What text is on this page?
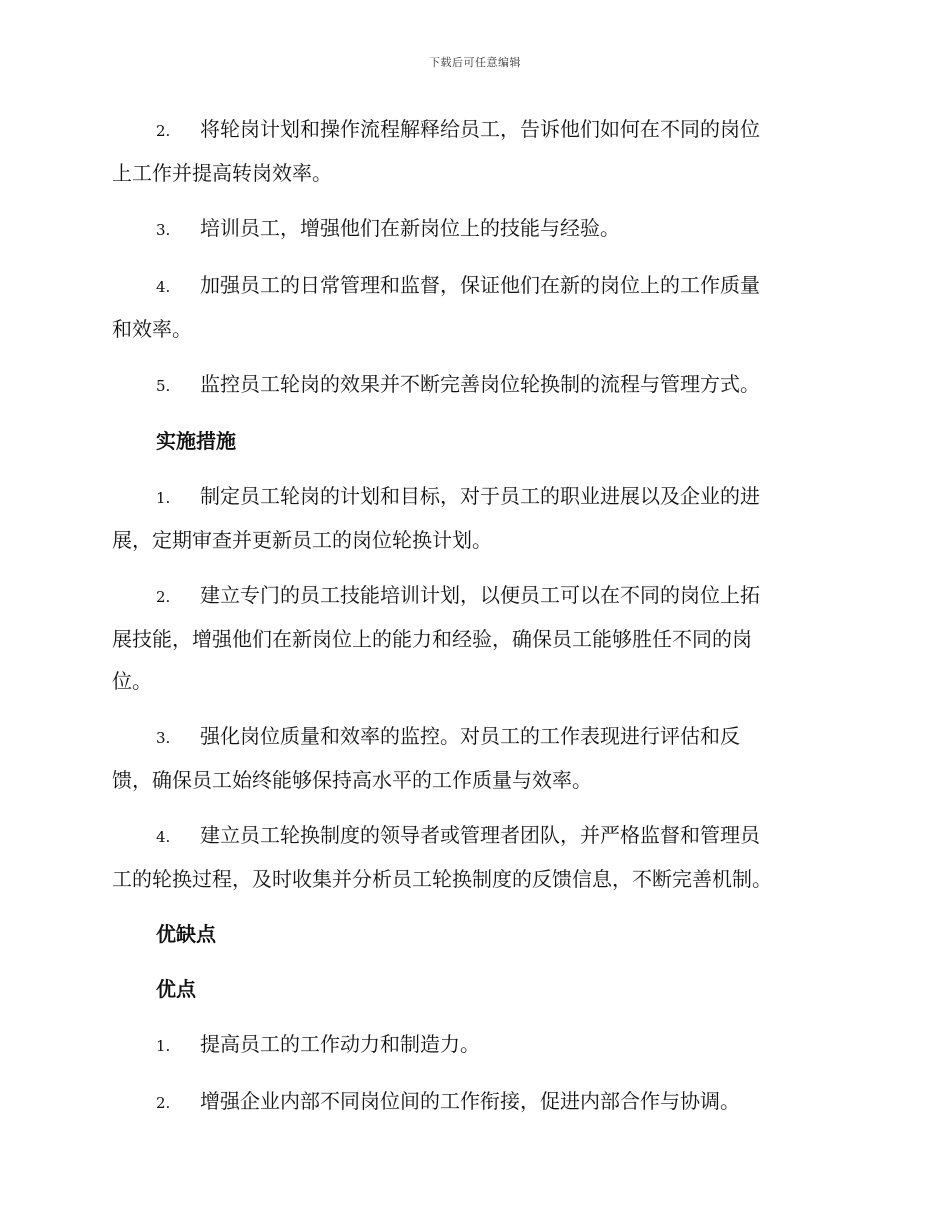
下载后可任意编辑
2. 将轮岗计划和操作流程解释给员工，告诉他们如何在不同的岗位
上工作并提高转岗效率。
3. 培训员工，增强他们在新岗位上的技能与经验。
4. 加强员工的日常管理和监督，保证他们在新的岗位上的工作质量
和效率。
5. 监控员工轮岗的效果并不断完善岗位轮换制的流程与管理方式。
实施措施
1. 制定员工轮岗的计划和目标，对于员工的职业进展以及企业的进
展，定期审查并更新员工的岗位轮换计划。
2. 建立专门的员工技能培训计划，以便员工可以在不同的岗位上拓
展技能，增强他们在新岗位上的能力和经验，确保员工能够胜任不同的岗
位。
3. 强化岗位质量和效率的监控。对员工的工作表现进行评估和反
馈，确保员工始终能够保持高水平的工作质量与效率。
4. 建立员工轮换制度的领导者或管理者团队，并严格监督和管理员
工的轮换过程，及时收集并分析员工轮换制度的反馈信息，不断完善机制。
优缺点
优点
1. 提高员工的工作动力和制造力。
2. 增强企业内部不同岗位间的工作衔接，促进内部合作与协调。
